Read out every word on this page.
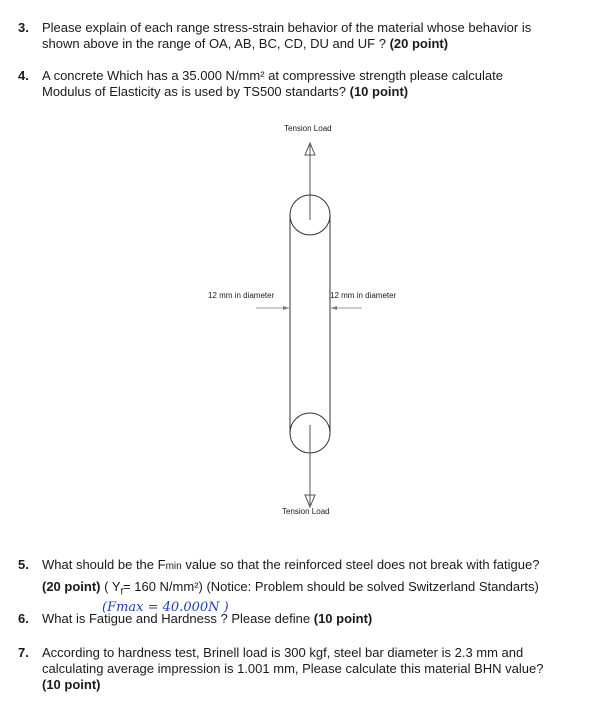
3. Please explain of each range stress-strain behavior of the material whose behavior is
shown above in the range of OA, AB, BC, CD, DU and UF ? (20 point)
4. A concrete Which has a 35.000 N/mm² at compressive strength please calculate
Modulus of Elasticity as is used by TS500 standarts? (10 point)
Tension Load
12 mm in diameter	12 mm in diameter
Tension Load
5. What should be the Fmin value so that the reinforced steel does not break with fatigue?
(20 point) ( $Y_f= 160$ N/mm²) (Notice: Problem should be solved Switzerland Standarts)
(Fmax = 40.000N )
6. What is Fatigue and Hardness ? Please define (10 point)
7. According to hardness test, Brinell load is 300 kgf, steel bar diameter is 2.3 mm and
calculating average impression is 1.001 mm, Please calculate this material BHN value?
(10 point)
